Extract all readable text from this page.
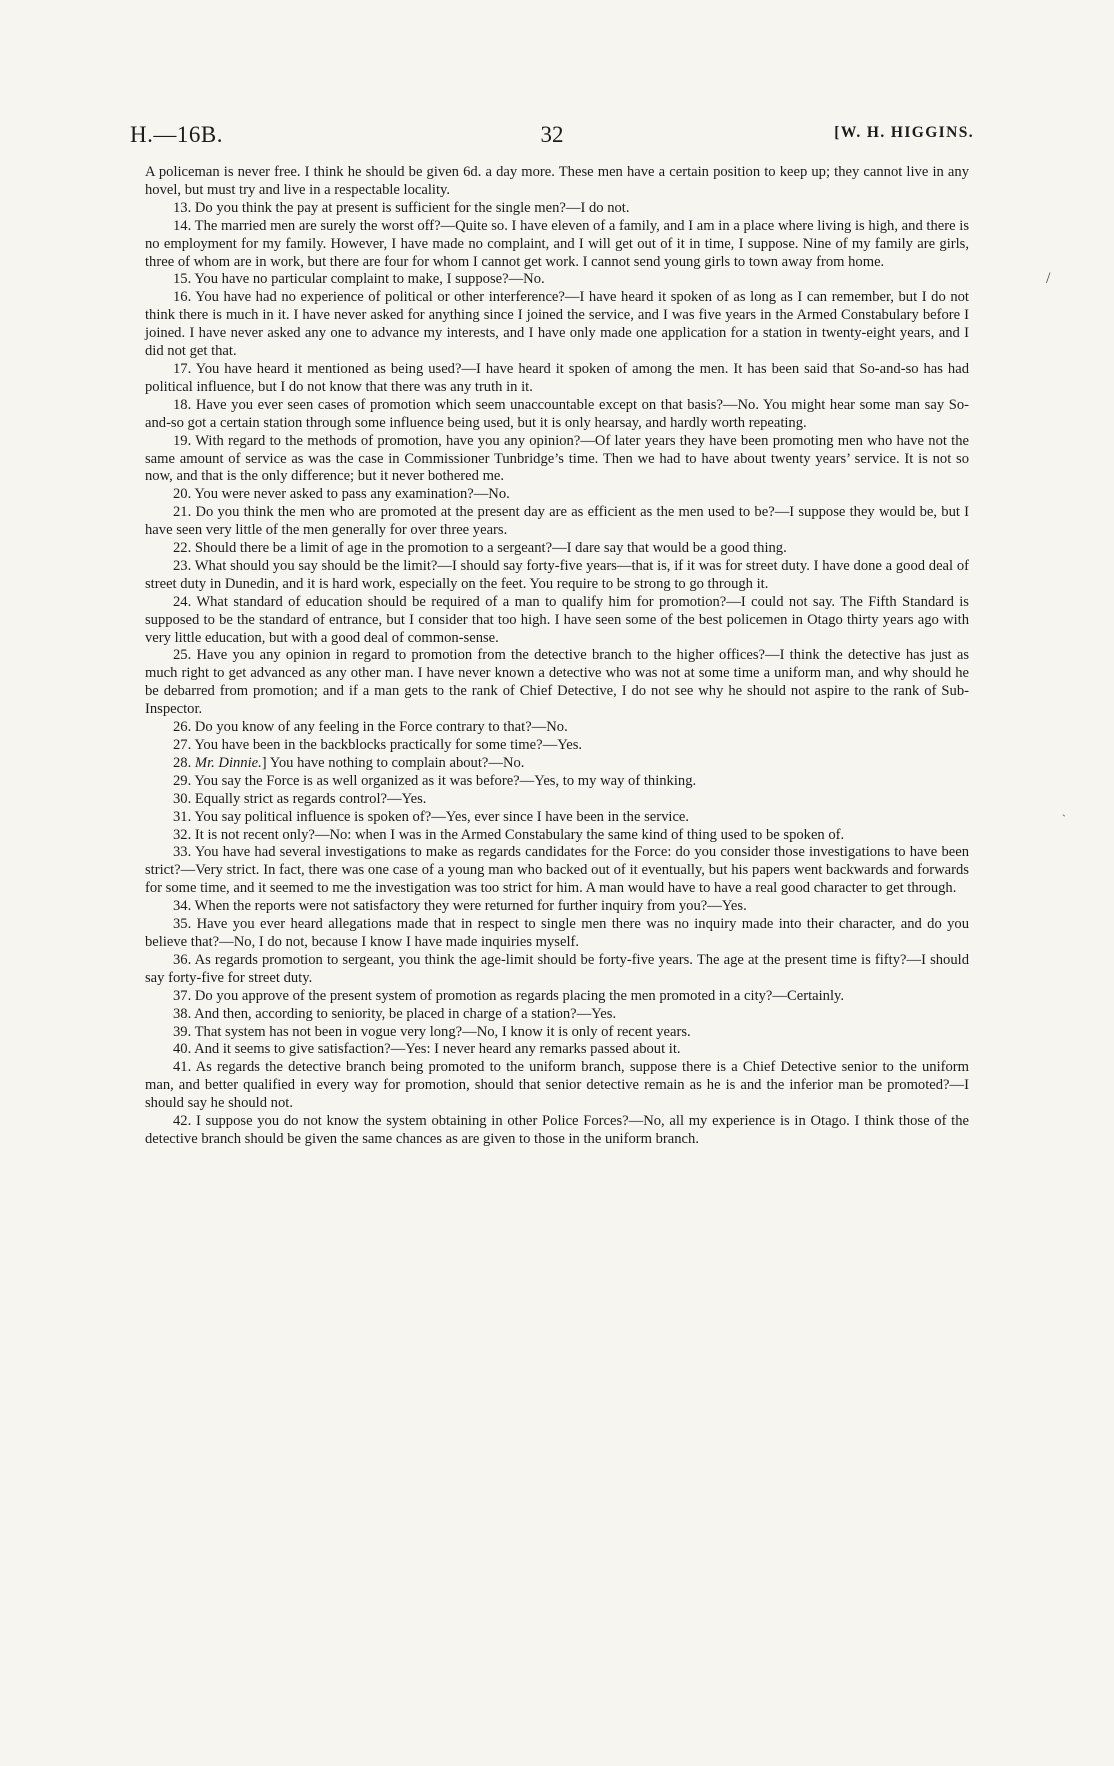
H.—16B.	32	[W. H. HIGGINS.

A policeman is never free. I think he should be given 6d. a day more. These men have a certain position to keep up; they cannot live in any hovel, but must try and live in a respectable locality.

13. Do you think the pay at present is sufficient for the single men?—I do not.

14. The married men are surely the worst off?—Quite so. I have eleven of a family, and I am in a place where living is high, and there is no employment for my family. However, I have made no complaint, and I will get out of it in time, I suppose. Nine of my family are girls, three of whom are in work, but there are four for whom I cannot get work. I cannot send young girls to town away from home.

15. You have no particular complaint to make, I suppose?—No.

16. You have had no experience of political or other interference?—I have heard it spoken of as long as I can remember, but I do not think there is much in it. I have never asked for anything since I joined the service, and I was five years in the Armed Constabulary before I joined. I have never asked any one to advance my interests, and I have only made one application for a station in twenty-eight years, and I did not get that.

17. You have heard it mentioned as being used?—I have heard it spoken of among the men. It has been said that So-and-so has had political influence, but I do not know that there was any truth in it.

18. Have you ever seen cases of promotion which seem unaccountable except on that basis?—No. You might hear some man say So-and-so got a certain station through some influence being used, but it is only hearsay, and hardly worth repeating.

19. With regard to the methods of promotion, have you any opinion?—Of later years they have been promoting men who have not the same amount of service as was the case in Commissioner Tunbridge’s time. Then we had to have about twenty years’ service. It is not so now, and that is the only difference; but it never bothered me.

20. You were never asked to pass any examination?—No.

21. Do you think the men who are promoted at the present day are as efficient as the men used to be?—I suppose they would be, but I have seen very little of the men generally for over three years.

22. Should there be a limit of age in the promotion to a sergeant?—I dare say that would be a good thing.

23. What should you say should be the limit?—I should say forty-five years—that is, if it was for street duty. I have done a good deal of street duty in Dunedin, and it is hard work, especially on the feet. You require to be strong to go through it.

24. What standard of education should be required of a man to qualify him for promotion?—I could not say. The Fifth Standard is supposed to be the standard of entrance, but I consider that too high. I have seen some of the best policemen in Otago thirty years ago with very little education, but with a good deal of common-sense.

25. Have you any opinion in regard to promotion from the detective branch to the higher offices?—I think the detective has just as much right to get advanced as any other man. I have never known a detective who was not at some time a uniform man, and why should he be debarred from promotion; and if a man gets to the rank of Chief Detective, I do not see why he should not aspire to the rank of Sub-Inspector.

26. Do you know of any feeling in the Force contrary to that?—No.

27. You have been in the backblocks practically for some time?—Yes.

28. Mr. Dinnie.] You have nothing to complain about?—No.

29. You say the Force is as well organized as it was before?—Yes, to my way of thinking.

30. Equally strict as regards control?—Yes.

31. You say political influence is spoken of?—Yes, ever since I have been in the service.

32. It is not recent only?—No: when I was in the Armed Constabulary the same kind of thing used to be spoken of.

33. You have had several investigations to make as regards candidates for the Force: do you consider those investigations to have been strict?—Very strict. In fact, there was one case of a young man who backed out of it eventually, but his papers went backwards and forwards for some time, and it seemed to me the investigation was too strict for him. A man would have to have a real good character to get through.

34. When the reports were not satisfactory they were returned for further inquiry from you?—Yes.

35. Have you ever heard allegations made that in respect to single men there was no inquiry made into their character, and do you believe that?—No, I do not, because I know I have made inquiries myself.

36. As regards promotion to sergeant, you think the age-limit should be forty-five years. The age at the present time is fifty?—I should say forty-five for street duty.

37. Do you approve of the present system of promotion as regards placing the men promoted in a city?—Certainly.

38. And then, according to seniority, be placed in charge of a station?—Yes.

39. That system has not been in vogue very long?—No, I know it is only of recent years.

40. And it seems to give satisfaction?—Yes: I never heard any remarks passed about it.

41. As regards the detective branch being promoted to the uniform branch, suppose there is a Chief Detective senior to the uniform man, and better qualified in every way for promotion, should that senior detective remain as he is and the inferior man be promoted?—I should say he should not.

42. I suppose you do not know the system obtaining in other Police Forces?—No, all my experience is in Otago. I think those of the detective branch should be given the same chances as are given to those in the uniform branch.

/
`
